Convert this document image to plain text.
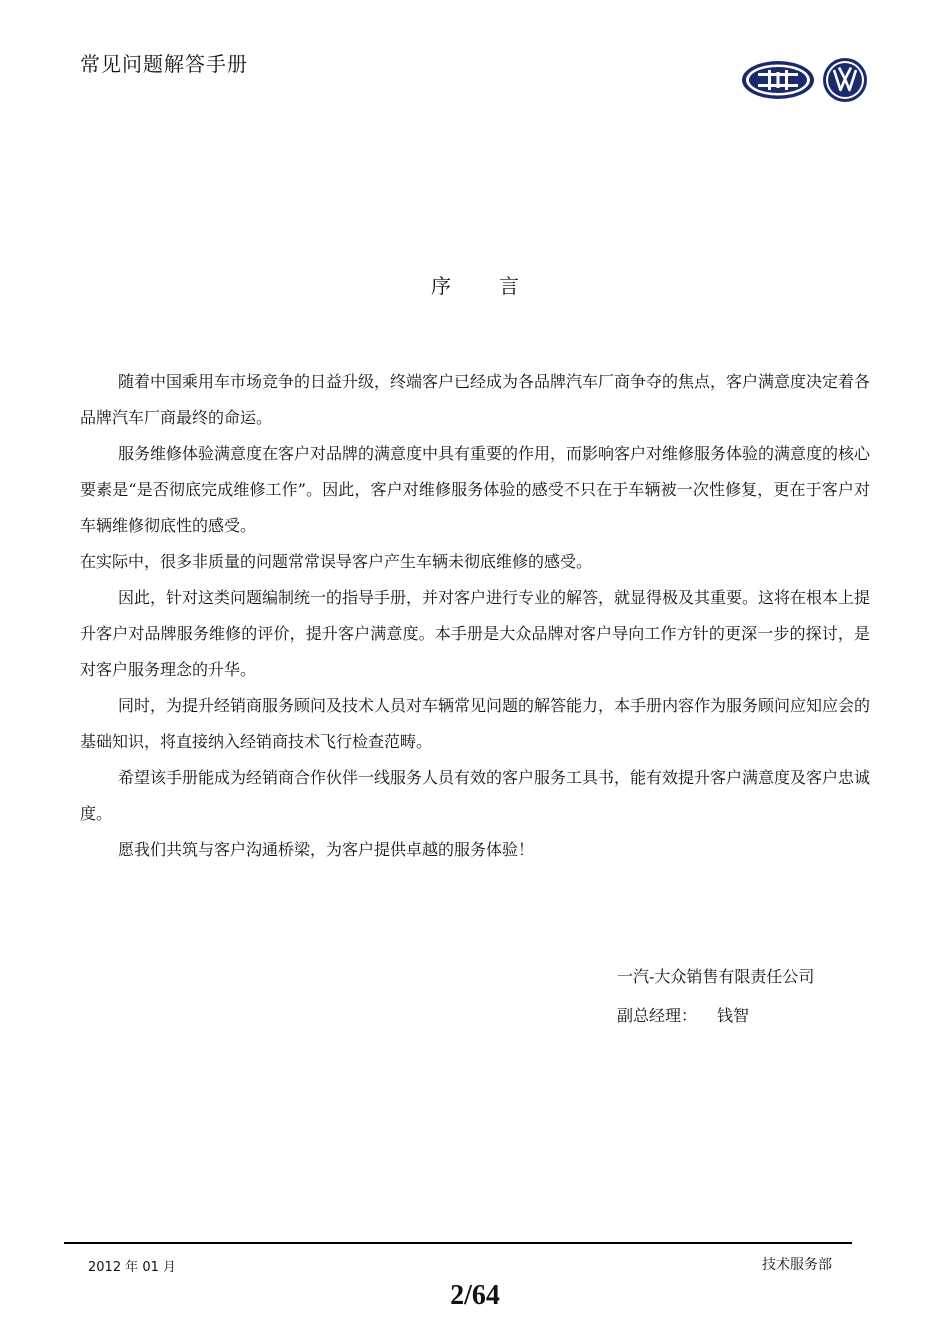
常见问题解答手册
序 言

随着中国乘用车市场竞争的日益升级，终端客户已经成为各品牌汽车厂商争夺的焦点，客户满意度决定着各品牌汽车厂商最终的命运。

服务维修体验满意度在客户对品牌的满意度中具有重要的作用，而影响客户对维修服务体验的满意度的核心要素是“是否彻底完成维修工作”。因此，客户对维修服务体验的感受不只在于车辆被一次性修复，更在于客户对车辆维修彻底性的感受。

在实际中，很多非质量的问题常常误导客户产生车辆未彻底维修的感受。

因此，针对这类问题编制统一的指导手册，并对客户进行专业的解答，就显得极及其重要。这将在根本上提升客户对品牌服务维修的评价，提升客户满意度。本手册是大众品牌对客户导向工作方针的更深一步的探讨，是对客户服务理念的升华。

同时，为提升经销商服务顾问及技术人员对车辆常见问题的解答能力，本手册内容作为服务顾问应知应会的基础知识，将直接纳入经销商技术飞行检查范畴。

希望该手册能成为经销商合作伙伴一线服务人员有效的客户服务工具书，能有效提升客户满意度及客户忠诚度。

愿我们共筑与客户沟通桥梁，为客户提供卓越的服务体验！

一汽-大众销售有限责任公司
副总经理： 钱智
2012 年 01 月	技术服务部
2/64
